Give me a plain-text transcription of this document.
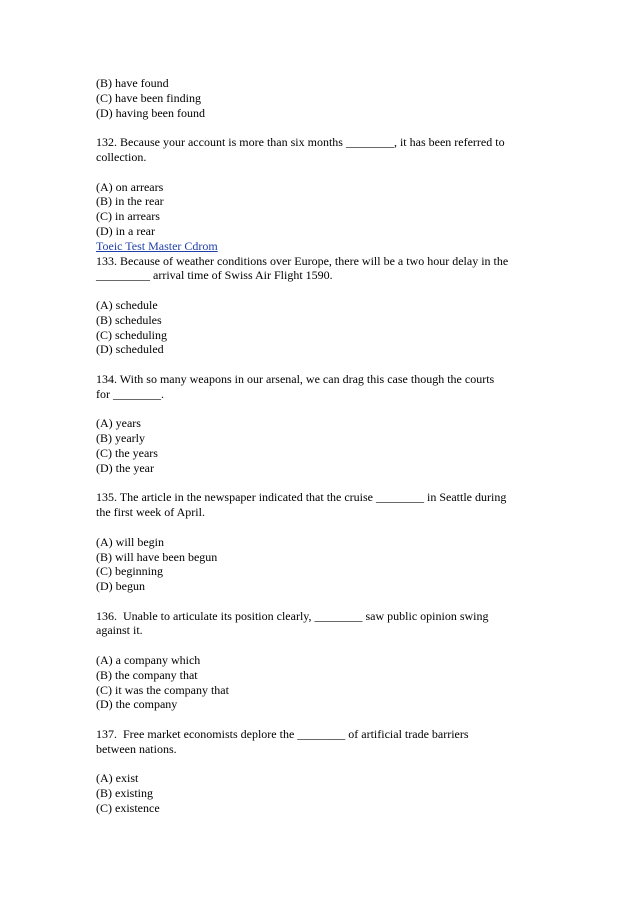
(B) have found
(C) have been finding
(D) having been found
132. Because your account is more than six months ________, it has been referred to
collection.
(A) on arrears
(B) in the rear
(C) in arrears
(D) in a rear
Toeic Test Master Cdrom
133. Because of weather conditions over Europe, there will be a two hour delay in the
_________ arrival time of Swiss Air Flight 1590.
(A) schedule
(B) schedules
(C) scheduling
(D) scheduled
134. With so many weapons in our arsenal, we can drag this case though the courts
for ________.
(A) years
(B) yearly
(C) the years
(D) the year
135. The article in the newspaper indicated that the cruise ________ in Seattle during
the first week of April.
(A) will begin
(B) will have been begun
(C) beginning
(D) begun
136.  Unable to articulate its position clearly, ________ saw public opinion swing
against it.
(A) a company which
(B) the company that
(C) it was the company that
(D) the company
137.  Free market economists deplore the ________ of artificial trade barriers
between nations.
(A) exist
(B) existing
(C) existence
